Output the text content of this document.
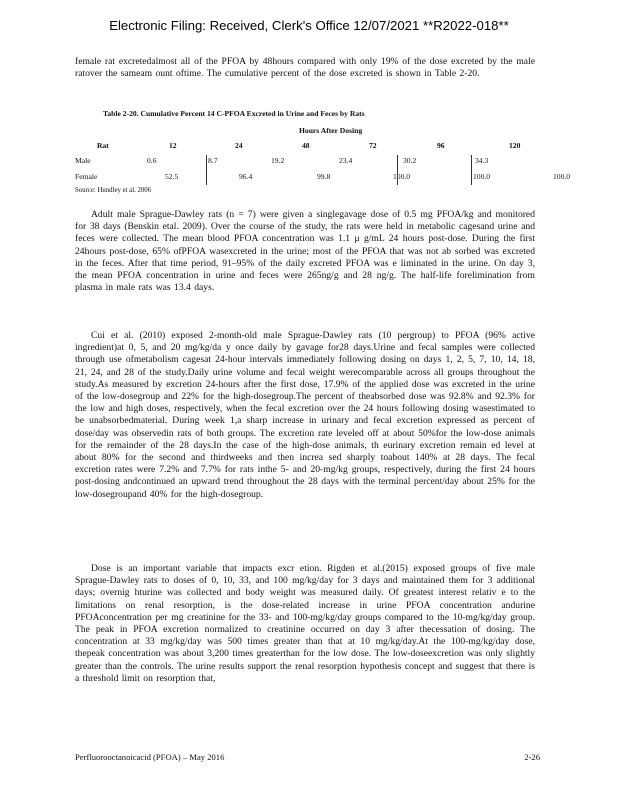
Electronic Filing: Received, Clerk's Office 12/07/2021 **R2022-018**
female rat excretedalmost all of the PFOA by 48hours compared with only 19% of the dose excreted by the male ratover the sameam ount oftime. The cumulative percent of the dose excreted is shown in Table 2-20.
Table 2-20. Cumulative Percent 14 C-PFOA Excreted in Urine and Feces by Rats
Hours After Dosing
Rat	12	24	48	72	96	120
Male	0.6	8.7	19.2	23.4	30.2	34.3
Female	52.5	96.4	99.8	100.0	100.0	100.0
Source: Hundley et al. 2006
Adult male Sprague-Dawley rats (n = 7) were given a singlegavage dose of 0.5 mg PFOA/kg and monitored for 38 days (Benskin etal. 2009). Over the course of the study, the rats were held in metabolic cagesand urine and feces were collected. The mean blood PFOA concentration was 1.1 μ g/mL 24 hours post-dose. During the first 24hours post-dose, 65% ofPFOA wasexcreted in the urine; most of the PFOA that was not ab sorbed was excreted in the feces. After that time period, 91–95% of the daily excreted PFOA was e liminated in the urine. On day 3, the mean PFOA concentration in urine and feces were 265ng/g and 28 ng/g. The half-life forelimination from plasma in male rats was 13.4 days.
Cui et al. (2010) exposed 2-month-old male Sprague-Dawley rats (10 pergroup) to PFOA (96% active ingredient)at 0, 5, and 20 mg/kg/da y once daily by gavage for28 days.Urine and fecal samples were collected through use ofmetabolism cagesat 24-hour intervals immediately following dosing on days 1, 2, 5, 7, 10, 14, 18, 21, 24, and 28 of the study.Daily urine volume and fecal weight werecomparable across all groups throughout the study.As measured by excretion 24-hours after the first dose, 17.9% of the applied dose was excreted in the urine of the low-dosegroup and 22% for the high-dosegroup.The percent of theabsorbed dose was 92.8% and 92.3% for the low and high doses, respectively, when the fecal excretion over the 24 hours following dosing wasestimated to be unabsorbedmaterial. During week 1,a sharp increase in urinary and fecal excretion expressed as percent of dose/day was observedin rats of both groups. The excretion rate leveled off at about 50%for the low-dose animals for the remainder of the 28 days.In the case of the high-dose animals, th eurinary excretion remain ed level at about 80% for the second and thirdweeks and then increa sed sharply toabout 140% at 28 days. The fecal excretion rates were 7.2% and 7.7% for rats inthe 5- and 20-mg/kg groups, respectively, during the first 24 hours post-dosing andcontinued an upward trend throughout the 28 days with the terminal percent/day about 25% for the low-dosegroupand 40% for the high-dosegroup.
Dose is an important variable that impacts excr etion. Rigden et al.(2015) exposed groups of five male Sprague-Dawley rats to doses of 0, 10, 33, and 100 mg/kg/day for 3 days and maintained them for 3 additional days; overnig hturine was collected and body weight was measured daily. Of greatest interest relativ e to the limitations on renal resorption, is the dose-related increase in urine PFOA concentration andurine PFOAconcentration per mg creatinine for the 33- and 100-mg/kg/day groups compared to the 10-mg/kg/day group. The peak in PFOA excretion normalized to creatinine occurred on day 3 after thecessation of dosing. The concentration at 33 mg/kg/day was 500 times greater than that at 10 mg/kg/day.At the 100-mg/kg/day dose, thepeak concentration was about 3,200 times greaterthan for the low dose. The low-doseexcretion was only slightly greater than the controls. The urine results support the renal resorption hypothesis concept and suggest that there is a threshold limit on resorption that,
Perfluorooctanoicacid (PFOA) – May 2016	2-26
